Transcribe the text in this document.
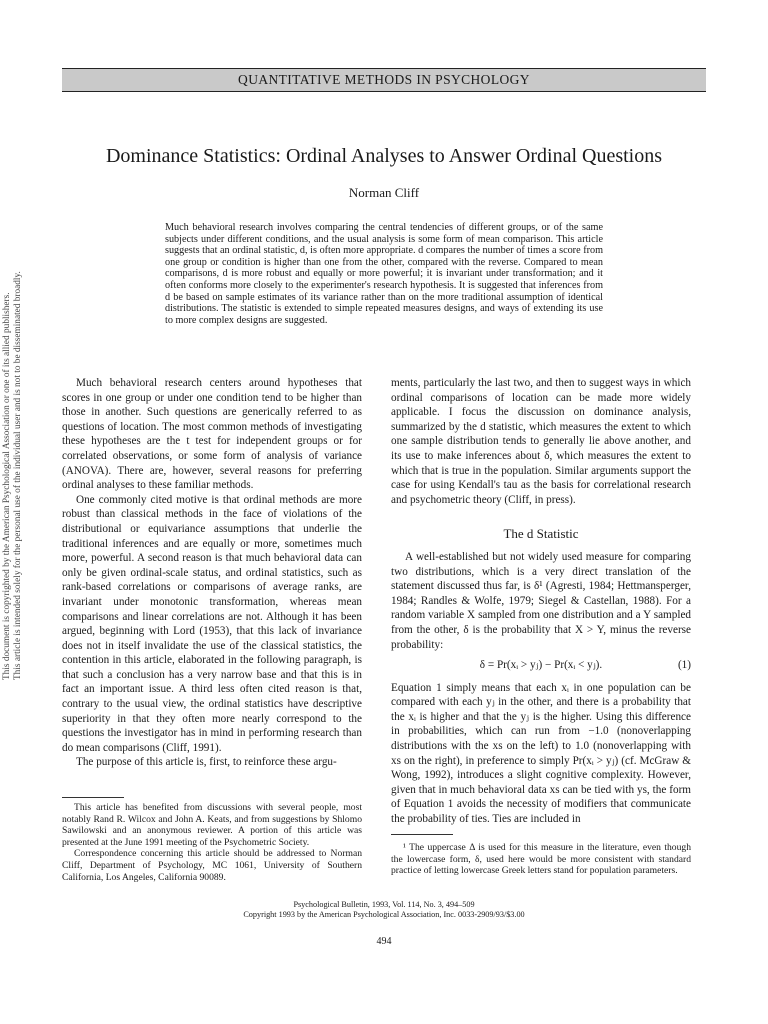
This document is copyrighted by the American Psychological Association or one of its allied publishers. This article is intended solely for the personal use of the individual user and is not to be disseminated broadly.
QUANTITATIVE METHODS IN PSYCHOLOGY
Dominance Statistics: Ordinal Analyses to Answer Ordinal Questions
Norman Cliff
Much behavioral research involves comparing the central tendencies of different groups, or of the same subjects under different conditions, and the usual analysis is some form of mean comparison. This article suggests that an ordinal statistic, d, is often more appropriate. d compares the number of times a score from one group or condition is higher than one from the other, compared with the reverse. Compared to mean comparisons, d is more robust and equally or more powerful; it is invariant under transformation; and it often conforms more closely to the experimenter's research hypothesis. It is suggested that inferences from d be based on sample estimates of its variance rather than on the more traditional assumption of identical distributions. The statistic is extended to simple repeated measures designs, and ways of extending its use to more complex designs are suggested.

Much behavioral research centers around hypotheses that scores in one group or under one condition tend to be higher than those in another. Such questions are generically referred to as questions of location. The most common methods of investigating these hypotheses are the t test for independent groups or for correlated observations, or some form of analysis of variance (ANOVA). There are, however, several reasons for preferring ordinal analyses to these familiar methods.

One commonly cited motive is that ordinal methods are more robust than classical methods in the face of violations of the distributional or equivariance assumptions that underlie the traditional inferences and are equally or more, sometimes much more, powerful. A second reason is that much behavioral data can only be given ordinal-scale status, and ordinal statistics, such as rank-based correlations or comparisons of average ranks, are invariant under monotonic transformation, whereas mean comparisons and linear correlations are not. Although it has been argued, beginning with Lord (1953), that this lack of invariance does not in itself invalidate the use of the classical statistics, the contention in this article, elaborated in the following paragraph, is that such a conclusion has a very narrow base and that this is in fact an important issue. A third less often cited reason is that, contrary to the usual view, the ordinal statistics have descriptive superiority in that they often more nearly correspond to the questions the investigator has in mind in performing research than do mean comparisons (Cliff, 1991).

The purpose of this article is, first, to reinforce these argu-

ments, particularly the last two, and then to suggest ways in which ordinal comparisons of location can be made more widely applicable. I focus the discussion on dominance analysis, summarized by the d statistic, which measures the extent to which one sample distribution tends to generally lie above another, and its use to make inferences about δ, which measures the extent to which that is true in the population. Similar arguments support the case for using Kendall's tau as the basis for correlational research and psychometric theory (Cliff, in press).

The d Statistic

A well-established but not widely used measure for comparing two distributions, which is a very direct translation of the statement discussed thus far, is δ¹ (Agresti, 1984; Hettmansperger, 1984; Randles & Wolfe, 1979; Siegel & Castellan, 1988). For a random variable X sampled from one distribution and a Y sampled from the other, δ is the probability that X > Y, minus the reverse probability:

δ = Pr(xᵢ > yⱼ) − Pr(xᵢ < yⱼ).	(1)

Equation 1 simply means that each xᵢ in one population can be compared with each yⱼ in the other, and there is a probability that the xᵢ is higher and that the yⱼ is the higher. Using this difference in probabilities, which can run from −1.0 (nonoverlapping distributions with the xs on the left) to 1.0 (nonoverlapping with xs on the right), in preference to simply Pr(xᵢ > yⱼ) (cf. McGraw & Wong, 1992), introduces a slight cognitive complexity. However, given that in much behavioral data xs can be tied with ys, the form of Equation 1 avoids the necessity of modifiers that communicate the probability of ties. Ties are included in

This article has benefited from discussions with several people, most notably Rand R. Wilcox and John A. Keats, and from suggestions by Shlomo Sawilowski and an anonymous reviewer. A portion of this article was presented at the June 1991 meeting of the Psychometric Society.

Correspondence concerning this article should be addressed to Norman Cliff, Department of Psychology, MC 1061, University of Southern California, Los Angeles, California 90089.

¹ The uppercase Δ is used for this measure in the literature, even though the lowercase form, δ, used here would be more consistent with standard practice of letting lowercase Greek letters stand for population parameters.

Psychological Bulletin, 1993, Vol. 114, No. 3, 494–509
Copyright 1993 by the American Psychological Association, Inc. 0033-2909/93/$3.00
494
